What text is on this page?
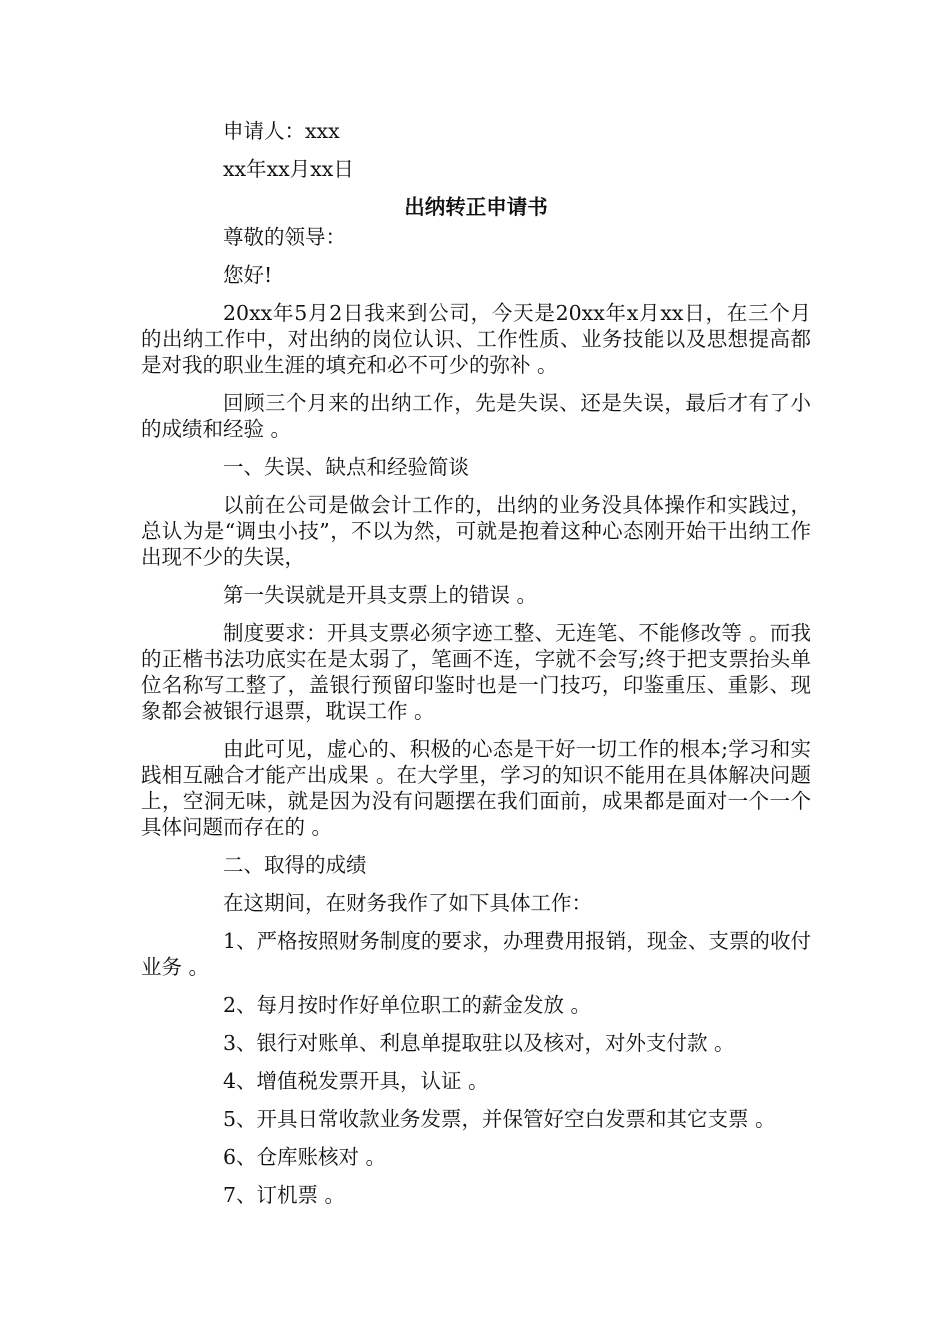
申请人：xxx

xx年xx月xx日

出纳转正申请书

尊敬的领导：

您好!

20xx年5月2日我来到公司，今天是20xx年x月xx日，在三个月的出纳工作中，对出纳的岗位认识、工作性质、业务技能以及思想提高都是对我的职业生涯的填充和必不可少的弥补 。

回顾三个月来的出纳工作，先是失误、还是失误，最后才有了小的成绩和经验 。

一、失误、缺点和经验简谈

以前在公司是做会计工作的，出纳的业务没具体操作和实践过，总认为是“调虫小技”，不以为然，可就是抱着这种心态刚开始干出纳工作出现不少的失误，

第一失误就是开具支票上的错误 。

制度要求：开具支票必须字迹工整、无连笔、不能修改等 。而我的正楷书法功底实在是太弱了，笔画不连，字就不会写;终于把支票抬头单位名称写工整了，盖银行预留印鉴时也是一门技巧，印鉴重压、重影、现象都会被银行退票，耽误工作 。

由此可见，虚心的、积极的心态是干好一切工作的根本;学习和实践相互融合才能产出成果 。在大学里，学习的知识不能用在具体解决问题上，空洞无味，就是因为没有问题摆在我们面前，成果都是面对一个一个具体问题而存在的 。

二、取得的成绩

在这期间，在财务我作了如下具体工作：

1、严格按照财务制度的要求，办理费用报销，现金、支票的收付业务 。

2、每月按时作好单位职工的薪金发放 。

3、银行对账单、利息单提取驻以及核对，对外支付款 。

4、增值税发票开具，认证 。

5、开具日常收款业务发票，并保管好空白发票和其它支票 。

6、仓库账核对 。

7、订机票 。
